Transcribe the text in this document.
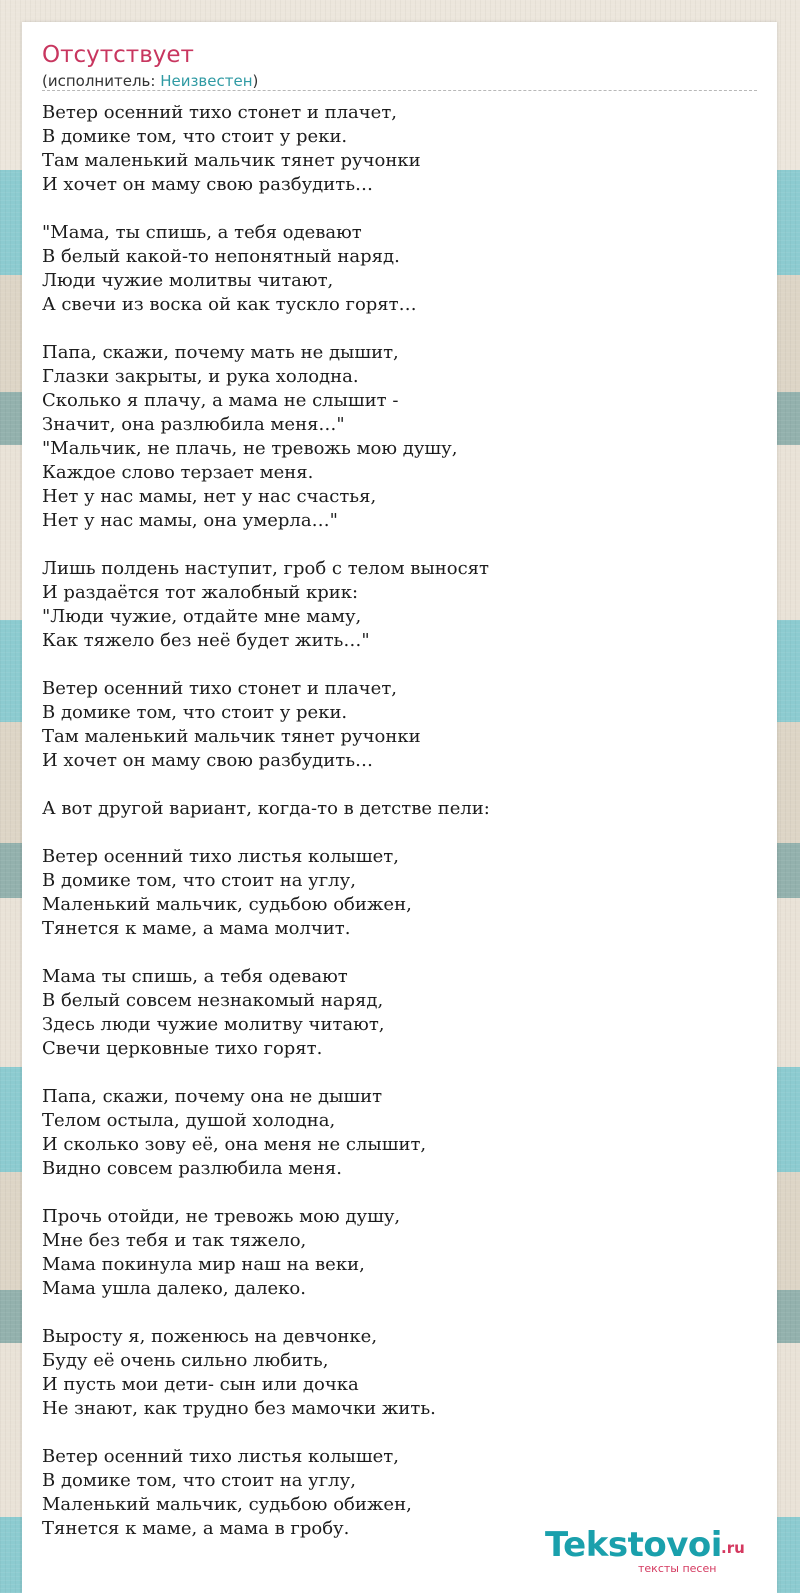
Отсутствует
(исполнитель: Неизвестен)
Ветер осенний тихо стонет и плачет,
В домике том, что стоит у реки.
Там маленький мальчик тянет ручонки
И хочет он маму свою разбудить…

"Мама, ты спишь, а тебя одевают
В белый какой-то непонятный наряд.
Люди чужие молитвы читают,
А свечи из воска ой как тускло горят…

Папа, скажи, почему мать не дышит,
Глазки закрыты, и рука холодна.
Сколько я плачу, а мама не слышит -
Значит, она разлюбила меня…"
"Мальчик, не плачь, не тревожь мою душу,
Каждое слово терзает меня.
Нет у нас мамы, нет у нас счастья,
Нет у нас мамы, она умерла…"

Лишь полдень наступит, гроб с телом выносят
И раздаётся тот жалобный крик:
"Люди чужие, отдайте мне маму,
Как тяжело без неё будет жить…"

Ветер осенний тихо стонет и плачет,
В домике том, что стоит у реки.
Там маленький мальчик тянет ручонки
И хочет он маму свою разбудить…

А вот другой вариант, когда-то в детстве пели:

Ветер осенний тихо листья колышет,
В домике том, что стоит на углу,
Маленький мальчик, судьбою обижен,
Тянется к маме, а мама молчит.

Мама ты спишь, а тебя одевают
В белый совсем незнакомый наряд,
Здесь люди чужие молитву читают,
Свечи церковные тихо горят.

Папа, скажи, почему она не дышит
Телом остыла, душой холодна,
И сколько зову её, она меня не слышит,
Видно совсем разлюбила меня.

Прочь отойди, не тревожь мою душу,
Мне без тебя и так тяжело,
Мама покинула мир наш на веки,
Мама ушла далеко, далеко.

Выросту я, поженюсь на девчонке,
Буду её очень сильно любить,
И пусть мои дети- сын или дочка
Не знают, как трудно без мамочки жить.

Ветер осенний тихо листья колышет,
В домике том, что стоит на углу,
Маленький мальчик, судьбою обижен,
Тянется к маме, а мама в гробу.	Tekstovoi .ru
тексты песен
